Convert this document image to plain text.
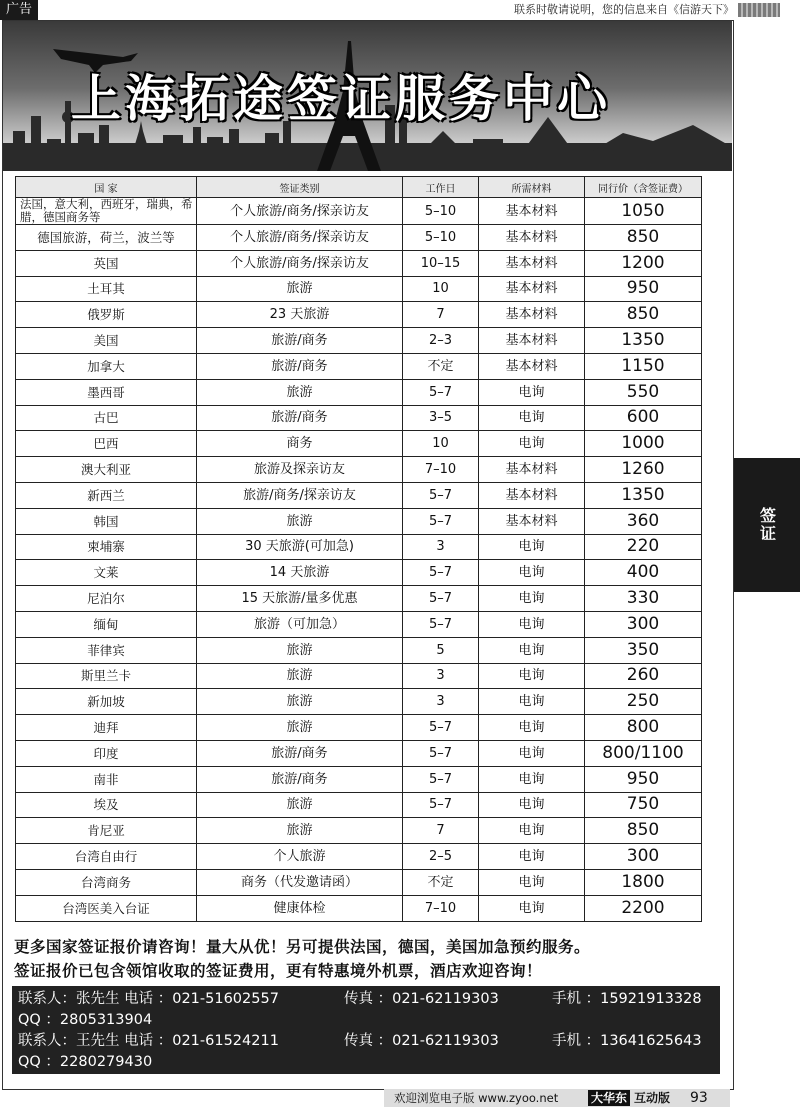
广告	联系时敬请说明，您的信息来自《信游天下》
上海拓途签证服务中心
国 家	签证类别	工作日	所需材料	同行价（含签证费）
法国，意大利，西班牙，瑞典，希腊，德国商务等	个人旅游/商务/探亲访友	5–10	基本材料	1050
德国旅游，荷兰，波兰等	个人旅游/商务/探亲访友	5–10	基本材料	850
英国	个人旅游/商务/探亲访友	10–15	基本材料	1200
土耳其	旅游	10	基本材料	950
俄罗斯	23 天旅游	7	基本材料	850
美国	旅游/商务	2–3	基本材料	1350
加拿大	旅游/商务	不定	基本材料	1150
墨西哥	旅游	5–7	电询	550
古巴	旅游/商务	3–5	电询	600
巴西	商务	10	电询	1000
澳大利亚	旅游及探亲访友	7–10	基本材料	1260
新西兰	旅游/商务/探亲访友	5–7	基本材料	1350
韩国	旅游	5–7	基本材料	360
柬埔寨	30 天旅游(可加急)	3	电询	220
文莱	14 天旅游	5–7	电询	400
尼泊尔	15 天旅游/量多优惠	5–7	电询	330
缅甸	旅游（可加急）	5–7	电询	300
菲律宾	旅游	5	电询	350
斯里兰卡	旅游	3	电询	260
新加坡	旅游	3	电询	250
迪拜	旅游	5–7	电询	800
印度	旅游/商务	5–7	电询	800/1100
南非	旅游/商务	5–7	电询	950
埃及	旅游	5–7	电询	750
肯尼亚	旅游	7	电询	850
台湾自由行	个人旅游	2–5	电询	300
台湾商务	商务（代发邀请函）	不定	电询	1800
台湾医美入台证	健康体检	7–10	电询	2200
更多国家签证报价请咨询！量大从优！另可提供法国，德国，美国加急预约服务。
签证报价已包含领馆收取的签证费用，更有特惠境外机票，酒店欢迎咨询！
联系人：张先生 电话 ：021-51602557	传真 ：021-62119303	手机 ：15921913328
QQ ：2805313904
联系人：王先生 电话 ：021-61524211	传真 ：021-62119303	手机 ：13641625643
QQ ：2280279430
签证
欢迎浏览电子版 www.zyoo.net	大华东 互动版 93
